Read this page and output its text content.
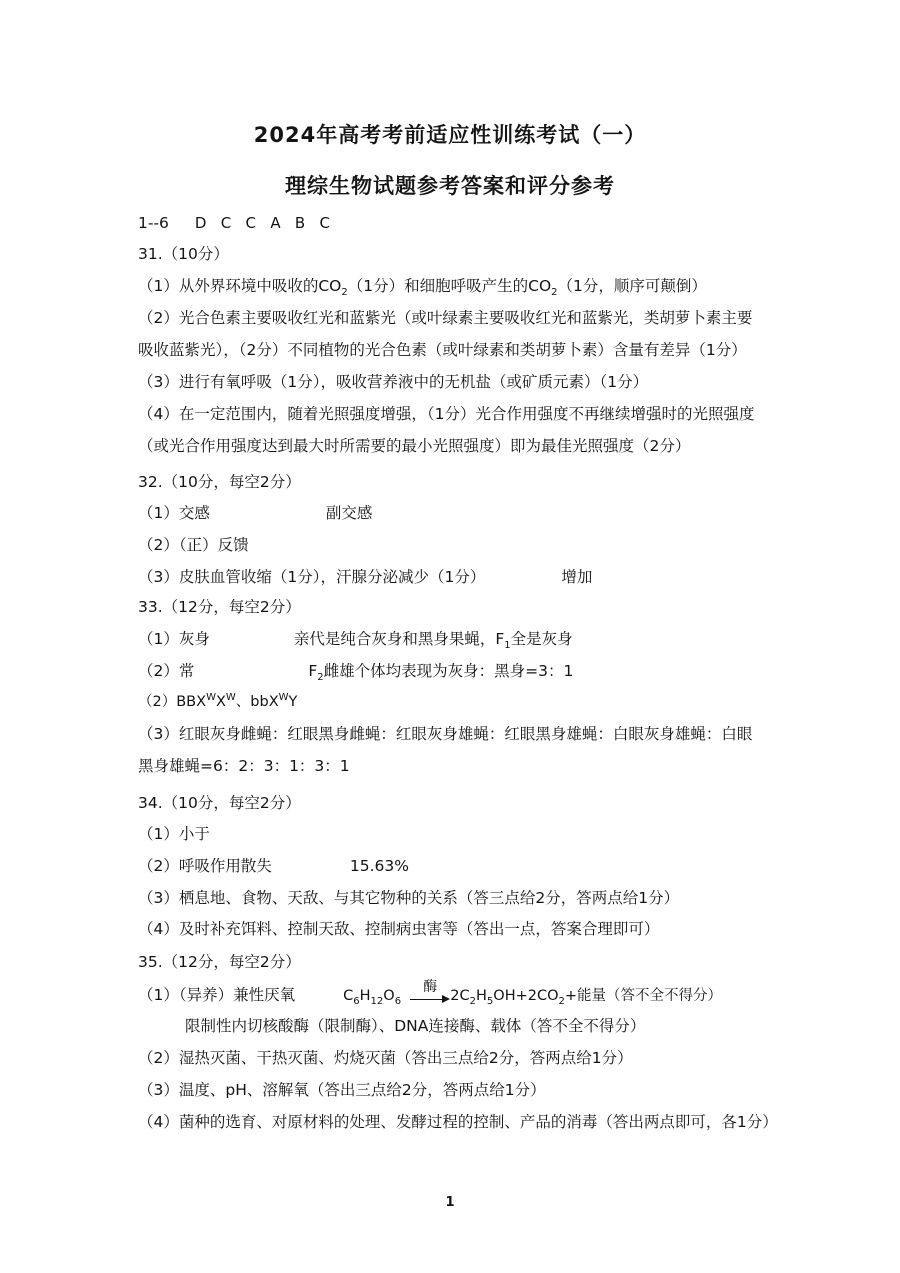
2024年高考考前适应性训练考试（一）
理综生物试题参考答案和评分参考
1--6 D   C   C   A   B   C
31.（10分）
（1）从外界环境中吸收的$CO_2(1$分）和细胞呼吸产生的$CO_2(1$分，顺序可颠倒）
（2）光合色素主要吸收红光和蓝紫光（或叶绿素主要吸收红光和蓝紫光，类胡萝卜素主要
吸收蓝紫光），（2分）不同植物的光合色素（或叶绿素和类胡萝卜素）含量有差异（1分）
（3）进行有氧呼吸（1分），吸收营养液中的无机盐（或矿质元素）（1分）
（4）在一定范围内，随着光照强度增强，（1分）光合作用强度不再继续增强时的光照强度
（或光合作用强度达到最大时所需要的最小光照强度）即为最佳光照强度（2分）
32.（10分，每空2分）
（1）交感	副交感
（2）（正）反馈
（3）皮肤血管收缩（1分），汗腺分泌减少（1分）	增加
33.（12分，每空2分）
（1）灰身	亲代是纯合灰身和黑身果蝇，$F_1$全是灰身
（2）常	$F_2$雌雄个体均表现为灰身：黑身=3：1
$(2)BBX^WX^W$、bbX$^W$Y
（3）红眼灰身雌蝇：红眼黑身雌蝇：红眼灰身雄蝇：红眼黑身雄蝇：白眼灰身雄蝇：白眼
黑身雄蝇=6：2：3：1：3：1
34.（10分，每空2分）
（1）小于
（2）呼吸作用散失	15.63%
（3）栖息地、食物、天敌、与其它物种的关系（答三点给2分，答两点给1分）
（4）及时补充饵料、控制天敌、控制病虫害等（答出一点，答案合理即可）
35.（12分，每空2分）
（1）（异养）兼性厌氧	$C_6H_{12}O_6$
酶
$2C_2H_5OH+2CO_2+$能量（答不全不得分）
限制性内切核酸酶（限制酶）、DNA连接酶、载体（答不全不得分）
（2）湿热灭菌、干热灭菌、灼烧灭菌（答出三点给2分，答两点给1分）
（3）温度、pH、溶解氧（答出三点给2分，答两点给1分）
（4）菌种的选育、对原材料的处理、发酵过程的控制、产品的消毒（答出两点即可，各1分）
1
